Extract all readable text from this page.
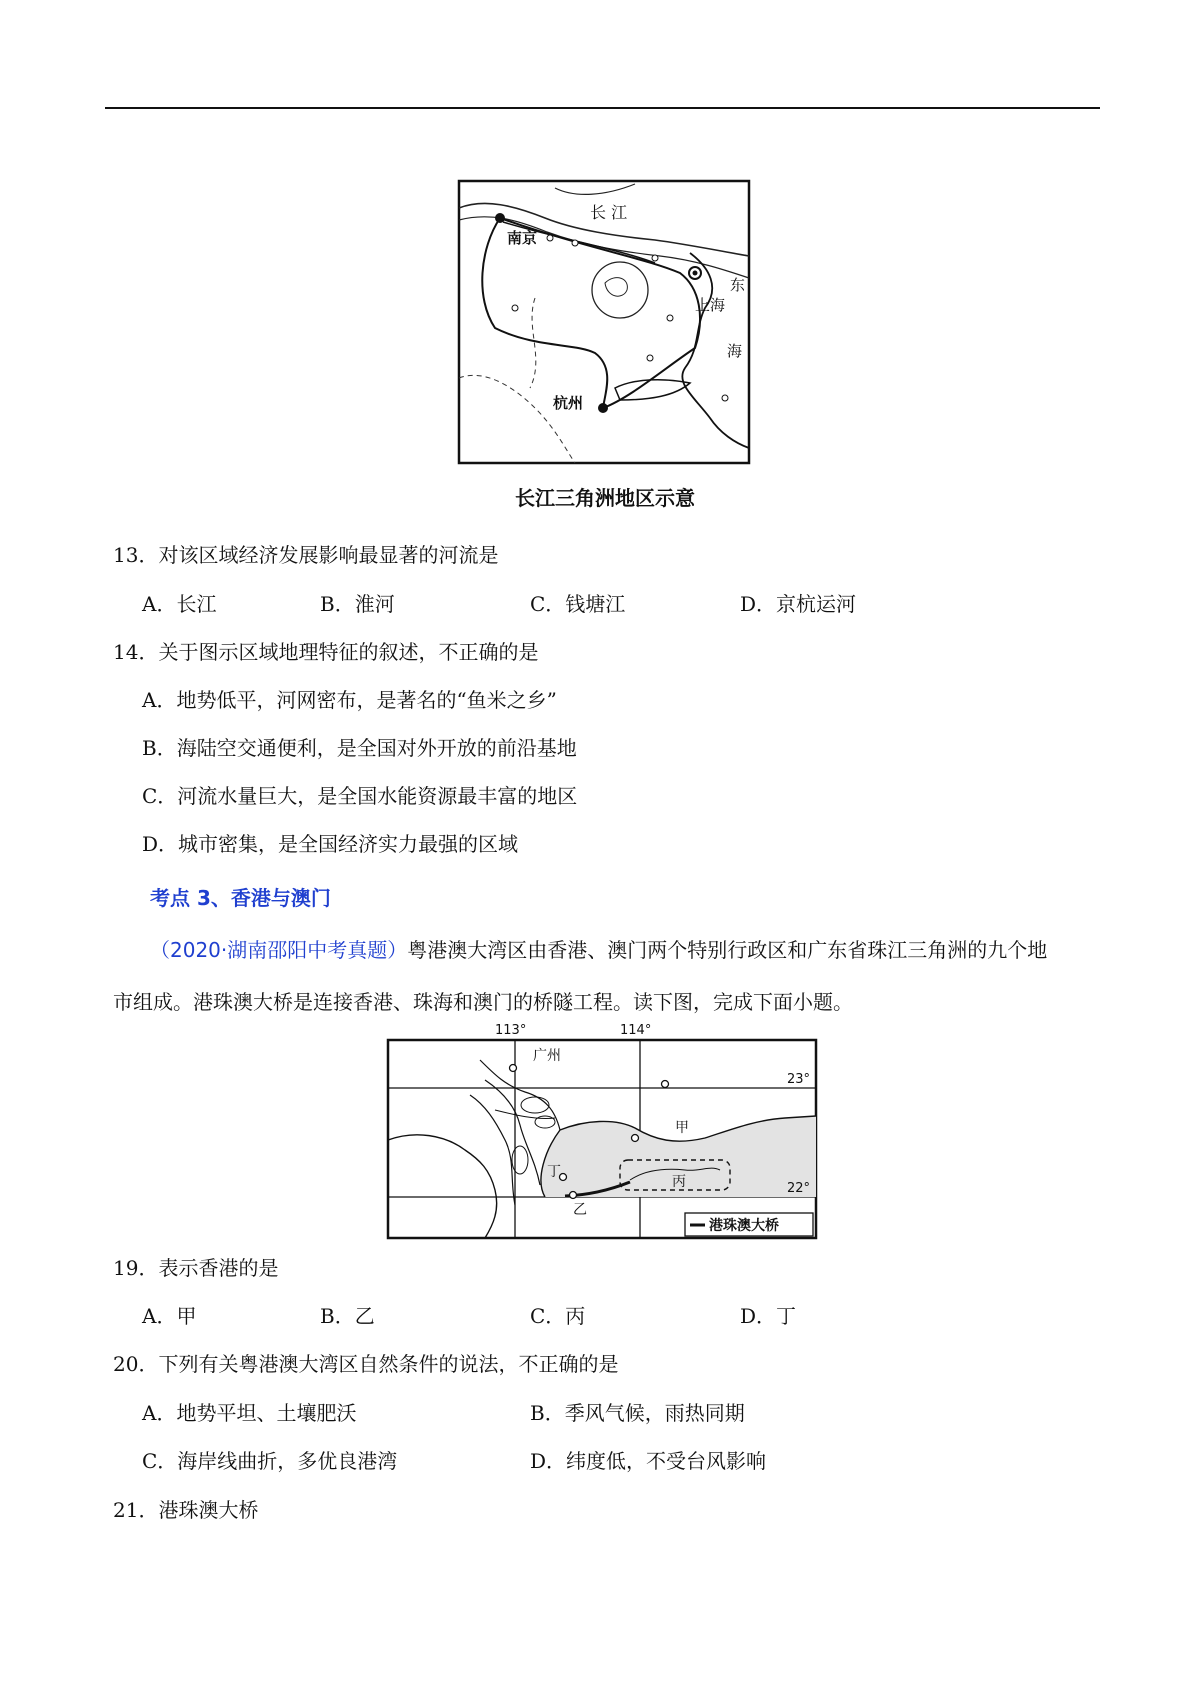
长 江
南京
东
上海
海
杭州
长江三角洲地区示意
13．对该区域经济发展影响最显著的河流是
A．长江	B．淮河	C．钱塘江	D．京杭运河
14．关于图示区域地理特征的叙述，不正确的是
A．地势低平，河网密布，是著名的“鱼米之乡”
B．海陆空交通便利，是全国对外开放的前沿基地
C．河流水量巨大，是全国水能资源最丰富的地区
D．城市密集，是全国经济实力最强的区域
考点 3、香港与澳门
（2020·湖南邵阳中考真题）粤港澳大湾区由香港、澳门两个特别行政区和广东省珠江三角洲的九个地
市组成。港珠澳大桥是连接香港、珠海和澳门的桥隧工程。读下图，完成下面小题。
113°	114°
广州
23°
22°
甲
丁
乙
丙
港珠澳大桥
19．表示香港的是
A．甲	B．乙	C．丙	D．丁
20．下列有关粤港澳大湾区自然条件的说法，不正确的是
A．地势平坦、土壤肥沃	B．季风气候，雨热同期
C．海岸线曲折，多优良港湾	D．纬度低，不受台风影响
21．港珠澳大桥
